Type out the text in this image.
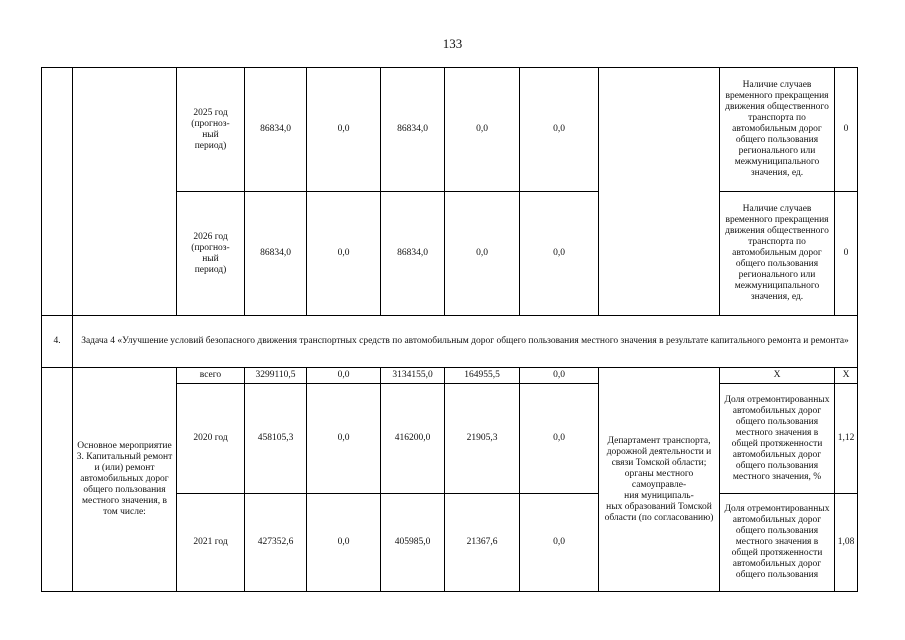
133
		2025 год (прогноз-
ный
период)	86834,0	0,0	86834,0	0,0	0,0		Наличие случаев временного прекращения движения общественного транспорта по автомобильным дорог общего пользования регионального или межмуниципального значения, ед.	0
		2026 год (прогноз-
ный
период)	86834,0	0,0	86834,0	0,0	0,0		Наличие случаев временного прекращения движения общественного транспорта по автомобильным дорог общего пользования регионального или межмуниципального значения, ед.	0
4.	Задача 4 «Улучшение условий безопасного движения транспортных средств по автомобильным дорог общего пользования местного значения в результате капитального ремонта и ремонта»									
	Основное мероприятие 3. Капитальный ремонт и (или) ремонт автомобильных дорог общего пользования местного значения, в том числе:	всего	3299110,5	0,0	3134155,0	164955,5	0,0	Департамент транспорта, дорожной деятельности и связи Томской области; органы местного самоуправле-
ния муниципаль-
ных образований Томской области (по согласованию)	Х	Х
		2020 год	458105,3	0,0	416200,0	21905,3	0,0		Доля отремонтированных автомобильных дорог общего пользования местного значения в общей протяженности автомобильных дорог общего пользования местного значения, %	1,12
		2021 год	427352,6	0,0	405985,0	21367,6	0,0		Доля отремонтированных автомобильных дорог общего пользования местного значения в общей протяженности автомобильных дорог общего пользования	1,08
